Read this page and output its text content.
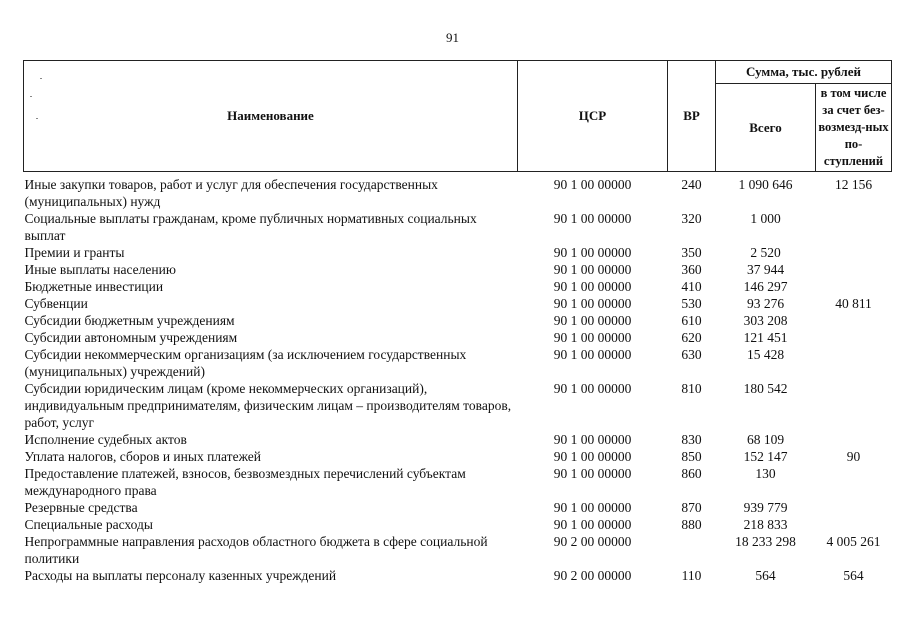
91
Наименование	ЦСР	ВР	Сумма, тыс. рублей	
			Всего	в том числе за счет без-возмезд-ных по-ступлений
Иные закупки товаров, работ и услуг для обеспечения государственных (муниципальных) нужд	90 1 00 00000	240	1 090 646	12 156
Социальные выплаты гражданам, кроме публичных нормативных социальных выплат	90 1 00 00000	320	1 000	
Премии и гранты	90 1 00 00000	350	2 520	
Иные выплаты населению	90 1 00 00000	360	37 944	
Бюджетные инвестиции	90 1 00 00000	410	146 297	
Субвенции	90 1 00 00000	530	93 276	40 811
Субсидии бюджетным учреждениям	90 1 00 00000	610	303 208	
Субсидии автономным учреждениям	90 1 00 00000	620	121 451	
Субсидии некоммерческим организациям (за исключением государственных (муниципальных) учреждений)	90 1 00 00000	630	15 428	
Субсидии юридическим лицам (кроме некоммерческих организаций), индивидуальным предпринимателям, физическим лицам – производителям товаров, работ, услуг	90 1 00 00000	810	180 542	
Исполнение судебных актов	90 1 00 00000	830	68 109	
Уплата налогов, сборов и иных платежей	90 1 00 00000	850	152 147	90
Предоставление платежей, взносов, безвозмездных перечислений субъектам международного права	90 1 00 00000	860	130	
Резервные средства	90 1 00 00000	870	939 779	
Специальные расходы	90 1 00 00000	880	218 833	
Непрограммные направления расходов областного бюджета в сфере социальной политики	90 2 00 00000		18 233 298	4 005 261
Расходы на выплаты персоналу казенных учреждений	90 2 00 00000	110	564	564
